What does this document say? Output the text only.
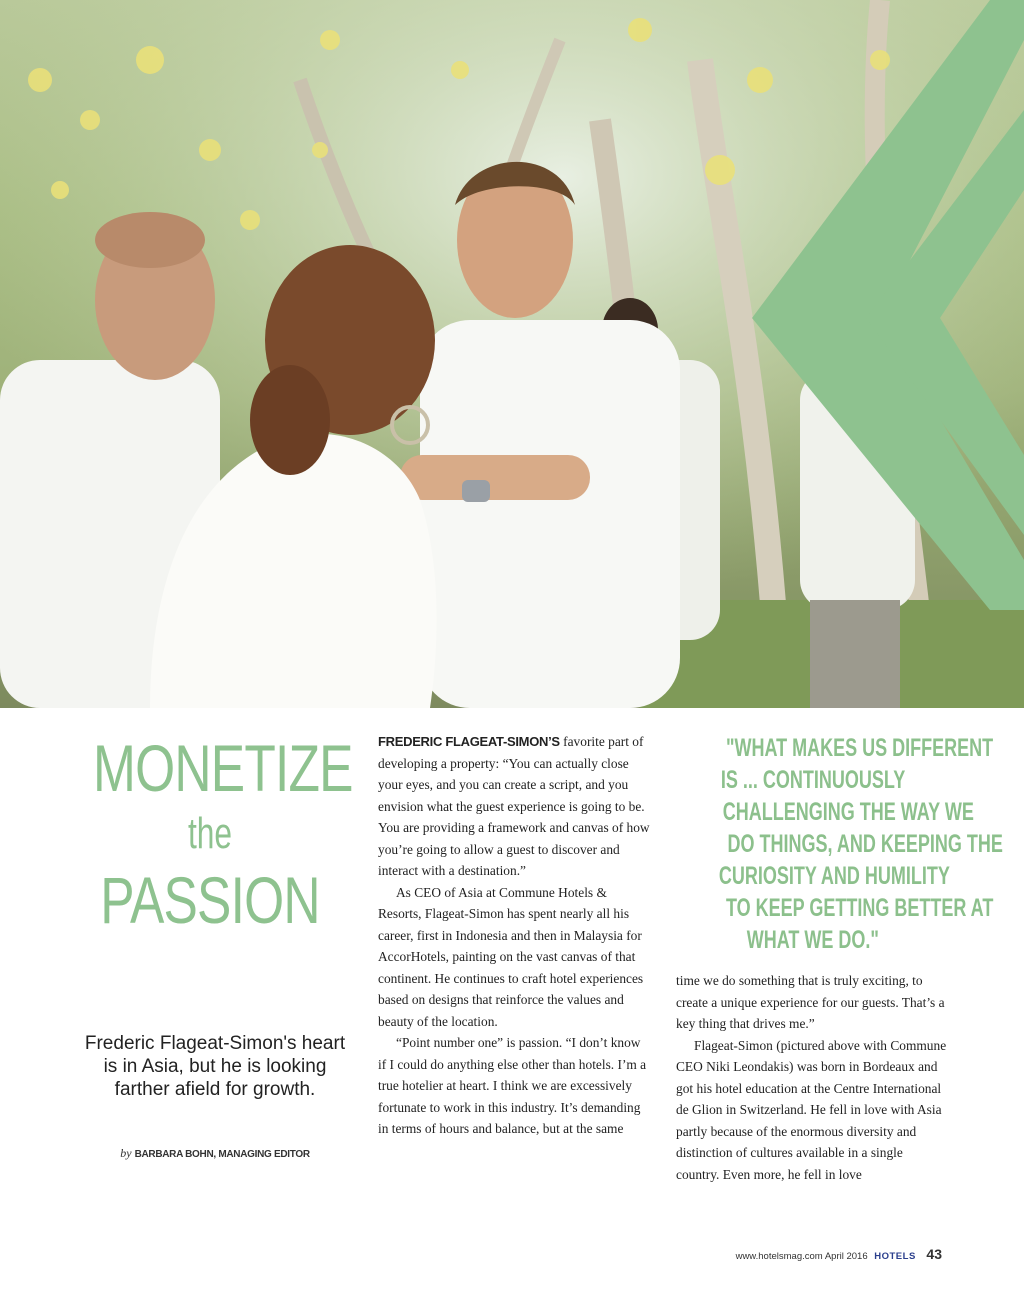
MONETIZE
the
PASSION
Frederic Flageat-Simon's heart is in Asia, but he is looking farther afield for growth.
by BARBARA BOHN, MANAGING EDITOR

FREDERIC FLAGEAT-SIMON’S favorite part of developing a property: “You can actually close your eyes, and you can create a script, and you envision what the guest experience is going to be. You are providing a framework and canvas of how you’re going to allow a guest to discover and interact with a destination.”

As CEO of Asia at Commune Hotels & Resorts, Flageat-Simon has spent nearly all his career, first in Indonesia and then in Malaysia for AccorHotels, painting on the vast canvas of that continent. He continues to craft hotel experiences based on designs that reinforce the values and beauty of the location.

“Point number one” is passion. “I don’t know if I could do anything else other than hotels. I’m a true hotelier at heart. I think we are excessively fortunate to work in this industry. It’s demanding in terms of hours and balance, but at the same

"WHAT MAKES US DIFFERENT
IS ... CONTINUOUSLY
CHALLENGING THE WAY WE
DO THINGS, AND KEEPING THE
CURIOSITY AND HUMILITY
TO KEEP GETTING BETTER AT
WHAT WE DO."

time we do something that is truly exciting, to create a unique experience for our guests. That’s a key thing that drives me.”

Flageat-Simon (pictured above with Commune CEO Niki Leondakis) was born in Bordeaux and got his hotel education at the Centre International de Glion in Switzerland. He fell in love with Asia partly because of the enormous diversity and distinction of cultures available in a single country. Even more, he fell in love

www.hotelsmag.com April 2016 HOTELS 43
